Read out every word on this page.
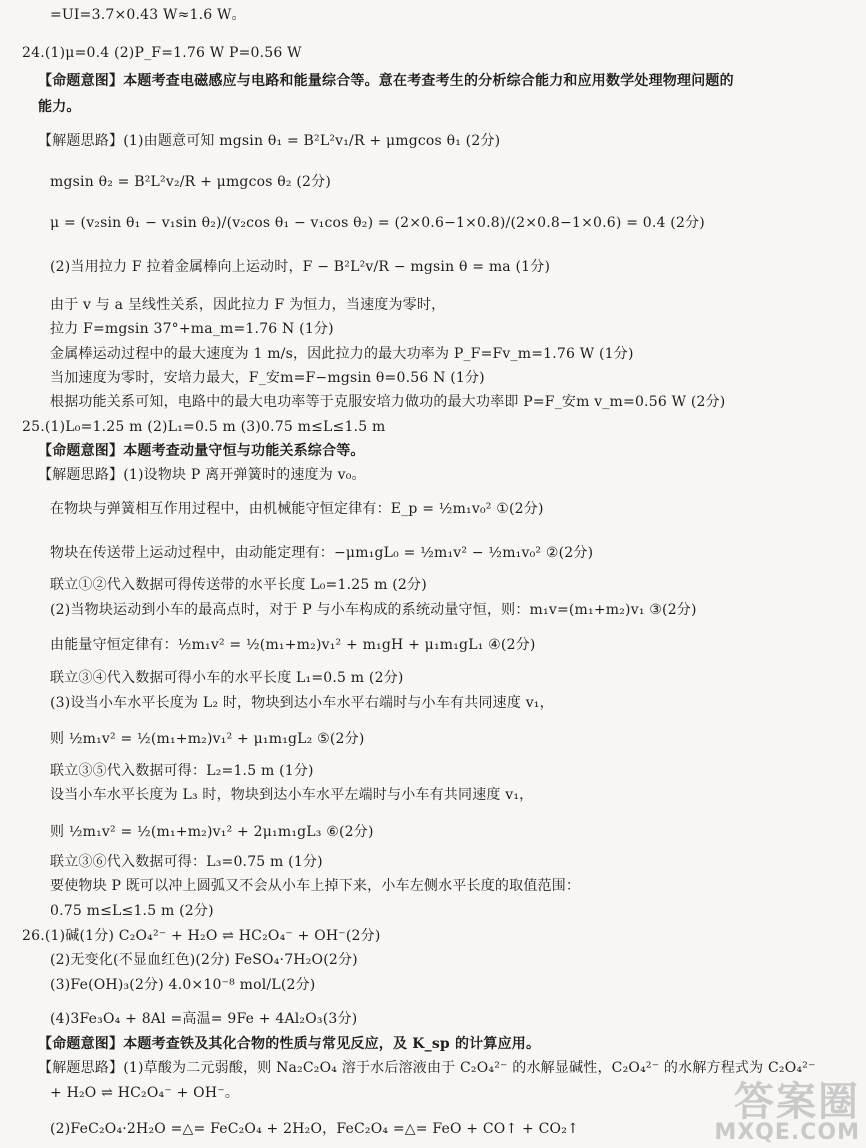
=UI=3.7×0.43 W≈1.6 W。
24.(1)μ=0.4 (2)P_F=1.76 W P=0.56 W
【命题意图】本题考查电磁感应与电路和能量综合等。意在考查考生的分析综合能力和应用数学处理物理问题的
能力。
【解题思路】(1)由题意可知 mgsin θ₁ = B²L²v₁/R + μmgcos θ₁ (2分)
mgsin θ₂ = B²L²v₂/R + μmgcos θ₂ (2分)
μ = (v₂sin θ₁ − v₁sin θ₂)/(v₂cos θ₁ − v₁cos θ₂) = (2×0.6−1×0.8)/(2×0.8−1×0.6) = 0.4 (2分)
(2)当用拉力 F 拉着金属棒向上运动时，F − B²L²v/R − mgsin θ = ma (1分)
由于 v 与 a 呈线性关系，因此拉力 F 为恒力，当速度为零时，
拉力 F=mgsin 37°+ma_m=1.76 N (1分)
金属棒运动过程中的最大速度为 1 m/s，因此拉力的最大功率为 P_F=Fv_m=1.76 W (1分)
当加速度为零时，安培力最大，F_安m=F−mgsin θ=0.56 N (1分)
根据功能关系可知，电路中的最大电功率等于克服安培力做功的最大功率即 P=F_安m v_m=0.56 W (2分)
25.(1)L₀=1.25 m (2)L₁=0.5 m (3)0.75 m≤L≤1.5 m
【命题意图】本题考查动量守恒与功能关系综合等。
【解题思路】(1)设物块 P 离开弹簧时的速度为 v₀。
在物块与弹簧相互作用过程中，由机械能守恒定律有：E_p = ½m₁v₀² ①(2分)
物块在传送带上运动过程中，由动能定理有：−μm₁gL₀ = ½m₁v² − ½m₁v₀² ②(2分)
联立①②代入数据可得传送带的水平长度 L₀=1.25 m (2分)
(2)当物块运动到小车的最高点时，对于 P 与小车构成的系统动量守恒，则：m₁v=(m₁+m₂)v₁ ③(2分)
由能量守恒定律有：½m₁v² = ½(m₁+m₂)v₁² + m₁gH + μ₁m₁gL₁ ④(2分)
联立③④代入数据可得小车的水平长度 L₁=0.5 m (2分)
(3)设当小车水平长度为 L₂ 时，物块到达小车水平右端时与小车有共同速度 v₁，
则 ½m₁v² = ½(m₁+m₂)v₁² + μ₁m₁gL₂ ⑤(2分)
联立③⑤代入数据可得：L₂=1.5 m (1分)
设当小车水平长度为 L₃ 时，物块到达小车水平左端时与小车有共同速度 v₁，
则 ½m₁v² = ½(m₁+m₂)v₁² + 2μ₁m₁gL₃ ⑥(2分)
联立③⑥代入数据可得：L₃=0.75 m (1分)
要使物块 P 既可以冲上圆弧又不会从小车上掉下来，小车左侧水平长度的取值范围：
0.75 m≤L≤1.5 m (2分)
26.(1)碱(1分) C₂O₄²⁻ + H₂O ⇌ HC₂O₄⁻ + OH⁻(2分)
(2)无变化(不显血红色)(2分) FeSO₄·7H₂O(2分)
(3)Fe(OH)₃(2分) 4.0×10⁻⁸ mol/L(2分)
(4)3Fe₃O₄ + 8Al =高温= 9Fe + 4Al₂O₃(3分)
【命题意图】本题考查铁及其化合物的性质与常见反应，及 K_sp 的计算应用。
【解题思路】(1)草酸为二元弱酸，则 Na₂C₂O₄ 溶于水后溶液由于 C₂O₄²⁻ 的水解显碱性，C₂O₄²⁻ 的水解方程式为 C₂O₄²⁻
+ H₂O ⇌ HC₂O₄⁻ + OH⁻。
(2)FeC₂O₄·2H₂O =△= FeC₂O₄ + 2H₂O，FeC₂O₄ =△= FeO + CO↑ + CO₂↑
答案圈
MXQE.COM
